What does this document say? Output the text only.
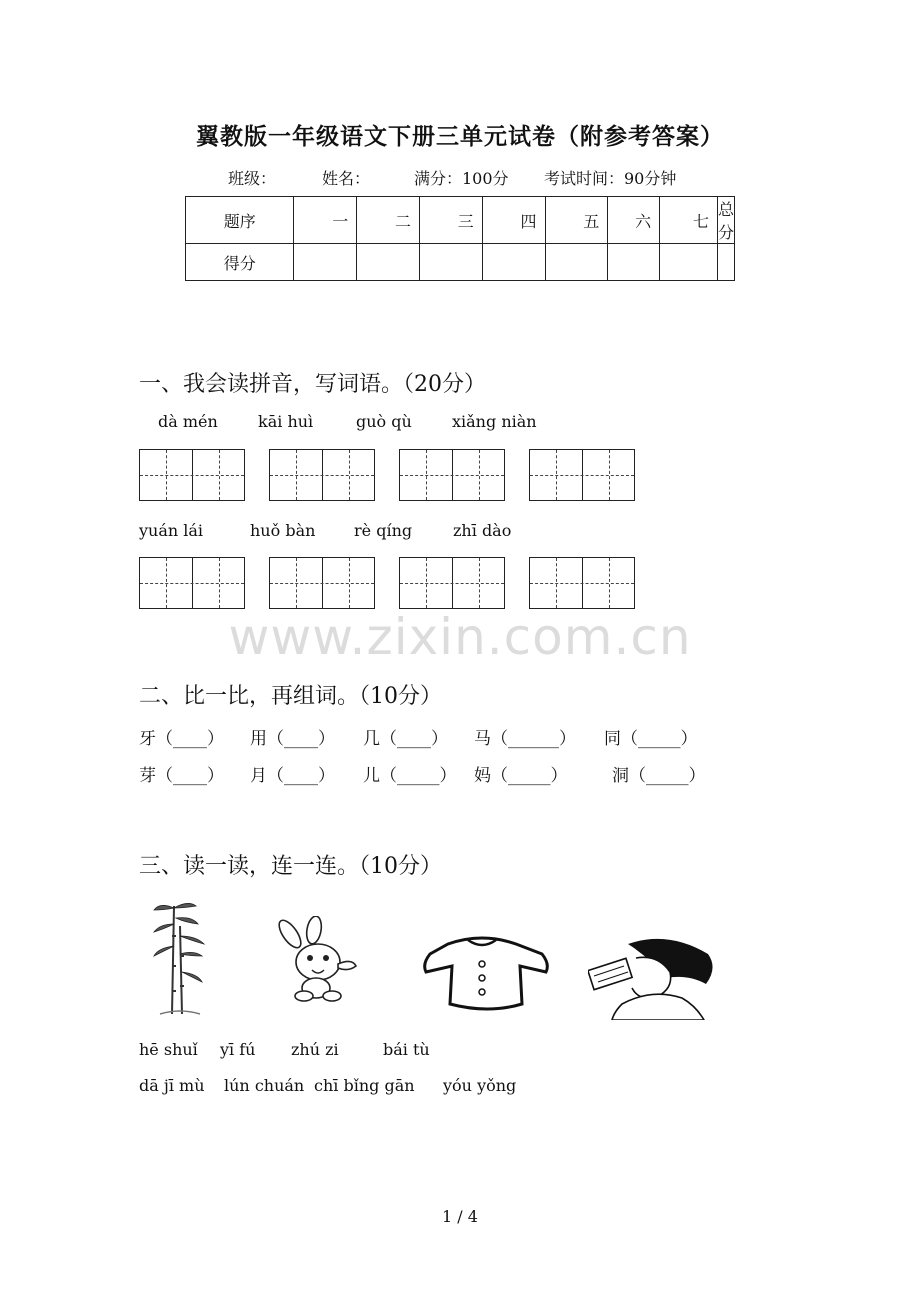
翼教版一年级语文下册三单元试卷（附参考答案）
班级：	姓名：	满分：100分 考试时间：90分钟
题序	一	二	三	四	五	六	七	总分
得分								
一、我会读拼音，写词语。（20分）
dà mén	kāi huì	guò qù	xiǎng niàn
yuán lái	huǒ bàn rè qíng	zhī dào
www.zixin.com.cn
二、比一比，再组词。（10分）
牙（____） 用（____） 几（____） 马（______） 同（_____）
芽（____） 月（____） 儿（_____） 妈（_____）	洞（_____）
三、读一读，连一连。（10分）
hē shuǐ yī fú zhú zi	bái tù
dā jī mù lún chuán chī bǐng gān yóu yǒng
1 / 4
